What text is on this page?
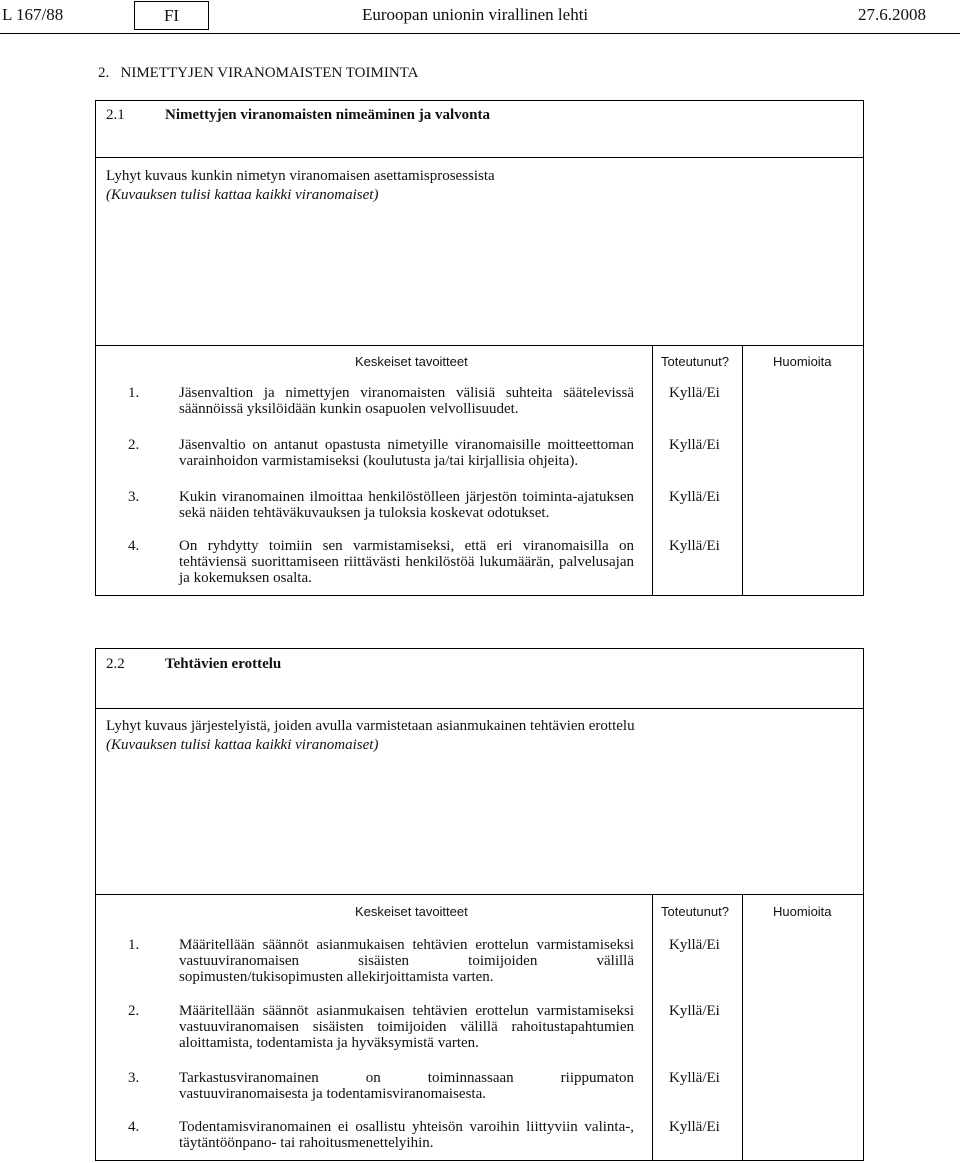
L 167/88	FI	Euroopan unionin virallinen lehti	27.6.2008
2.   NIMETTYJEN VIRANOMAISTEN TOIMINTA
2.1	Nimettyjen viranomaisten nimeäminen ja valvonta
Lyhyt kuvaus kunkin nimetyn viranomaisen asettamisprosessista
(Kuvauksen tulisi kattaa kaikki viranomaiset)
Keskeiset tavoitteet	Toteutunut?	Huomioita
1.	Jäsenvaltion ja nimettyjen viranomaisten välisiä suhteita säätelevissä säännöissä yksilöidään kunkin osapuolen velvollisuudet.
Kyllä/Ei
2.	Jäsenvaltio on antanut opastusta nimetyille viranomaisille moitteettoman varainhoidon varmistamiseksi (koulutusta ja/tai kirjallisia ohjeita).
Kyllä/Ei
3.	Kukin viranomainen ilmoittaa henkilöstölleen järjestön toiminta-ajatuksen sekä näiden tehtäväkuvauksen ja tuloksia koskevat odotukset.
Kyllä/Ei
4.	On ryhdytty toimiin sen varmistamiseksi, että eri viranomaisilla on tehtäviensä suorittamiseen riittävästi henkilöstöä lukumäärän, palvelusajan ja kokemuksen osalta.
Kyllä/Ei
2.2	Tehtävien erottelu
Lyhyt kuvaus järjestelyistä, joiden avulla varmistetaan asianmukainen tehtävien erottelu
(Kuvauksen tulisi kattaa kaikki viranomaiset)
Keskeiset tavoitteet	Toteutunut?	Huomioita
1.	Määritellään säännöt asianmukaisen tehtävien erottelun varmistamiseksi vastuuviranomaisen sisäisten toimijoiden välillä sopimusten/tukisopimusten allekirjoittamista varten.
Kyllä/Ei
2.	Määritellään säännöt asianmukaisen tehtävien erottelun varmistamiseksi vastuuviranomaisen sisäisten toimijoiden välillä rahoitustapahtumien aloittamista, todentamista ja hyväksymistä varten.
Kyllä/Ei
3.	Tarkastusviranomainen on toiminnassaan riippumaton vastuuviranomaisesta ja todentamisviranomaisesta.
Kyllä/Ei
4.	Todentamisviranomainen ei osallistu yhteisön varoihin liittyviin valinta-, täytäntöönpano- tai rahoitusmenettelyihin.
Kyllä/Ei
